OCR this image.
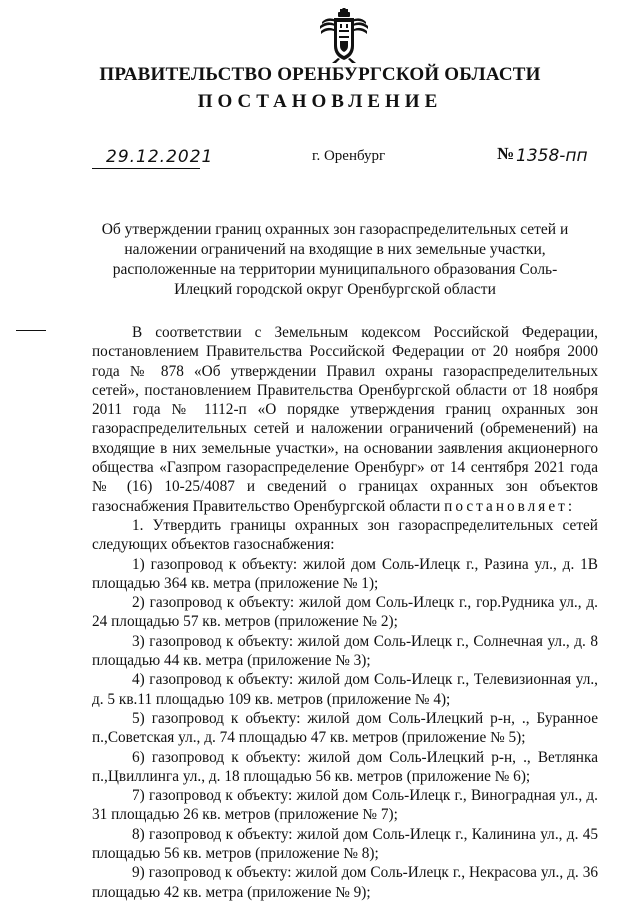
ПРАВИТЕЛЬСТВО ОРЕНБУРГСКОЙ ОБЛАСТИ
ПОСТАНОВЛЕНИЕ
29.12.2021	г. Оренбург	№ 1358-пп
Об утверждении границ охранных зон газораспределительных сетей и наложении ограничений на входящие в них земельные участки, расположенные на территории муниципального образования Соль-Илецкий городской округ Оренбургской области

В соответствии с Земельным кодексом Российской Федерации, постановлением Правительства Российской Федерации от 20 ноября 2000 года № 878 «Об утверждении Правил охраны газораспределительных сетей», постановлением Правительства Оренбургской области от 18 ноября 2011 года № 1112-п «О порядке утверждения границ охранных зон газораспределительных сетей и наложении ограничений (обременений) на входящие в них земельные участки», на основании заявления акционерного общества «Газпром газораспределение Оренбург» от 14 сентября 2021 года № (16) 10-25/4087 и сведений о границах охранных зон объектов газоснабжения Правительство Оренбургской области постановляет:

1. Утвердить границы охранных зон газораспределительных сетей следующих объектов газоснабжения:

1) газопровод к объекту: жилой дом Соль-Илецк г., Разина ул., д. 1В площадью 364 кв. метра (приложение № 1);

2) газопровод к объекту: жилой дом Соль-Илецк г., гор.Рудника ул., д. 24 площадью 57 кв. метров (приложение № 2);

3) газопровод к объекту: жилой дом Соль-Илецк г., Солнечная ул., д. 8 площадью 44 кв. метра (приложение № 3);

4) газопровод к объекту: жилой дом Соль-Илецк г., Телевизионная ул., д. 5 кв.11 площадью 109 кв. метров (приложение № 4);

5) газопровод к объекту: жилой дом Соль-Илецкий р-н, ., Буранное п.,Советская ул., д. 74 площадью 47 кв. метров (приложение № 5);

6) газопровод к объекту: жилой дом Соль-Илецкий р-н, ., Ветлянка п.,Цвиллинга ул., д. 18 площадью 56 кв. метров (приложение № 6);

7) газопровод к объекту: жилой дом Соль-Илецк г., Виноградная ул., д. 31 площадью 26 кв. метров (приложение № 7);

8) газопровод к объекту: жилой дом Соль-Илецк г., Калинина ул., д. 45 площадью 56 кв. метров (приложение № 8);

9) газопровод к объекту: жилой дом Соль-Илецк г., Некрасова ул., д. 36 площадью 42 кв. метра (приложение № 9);
